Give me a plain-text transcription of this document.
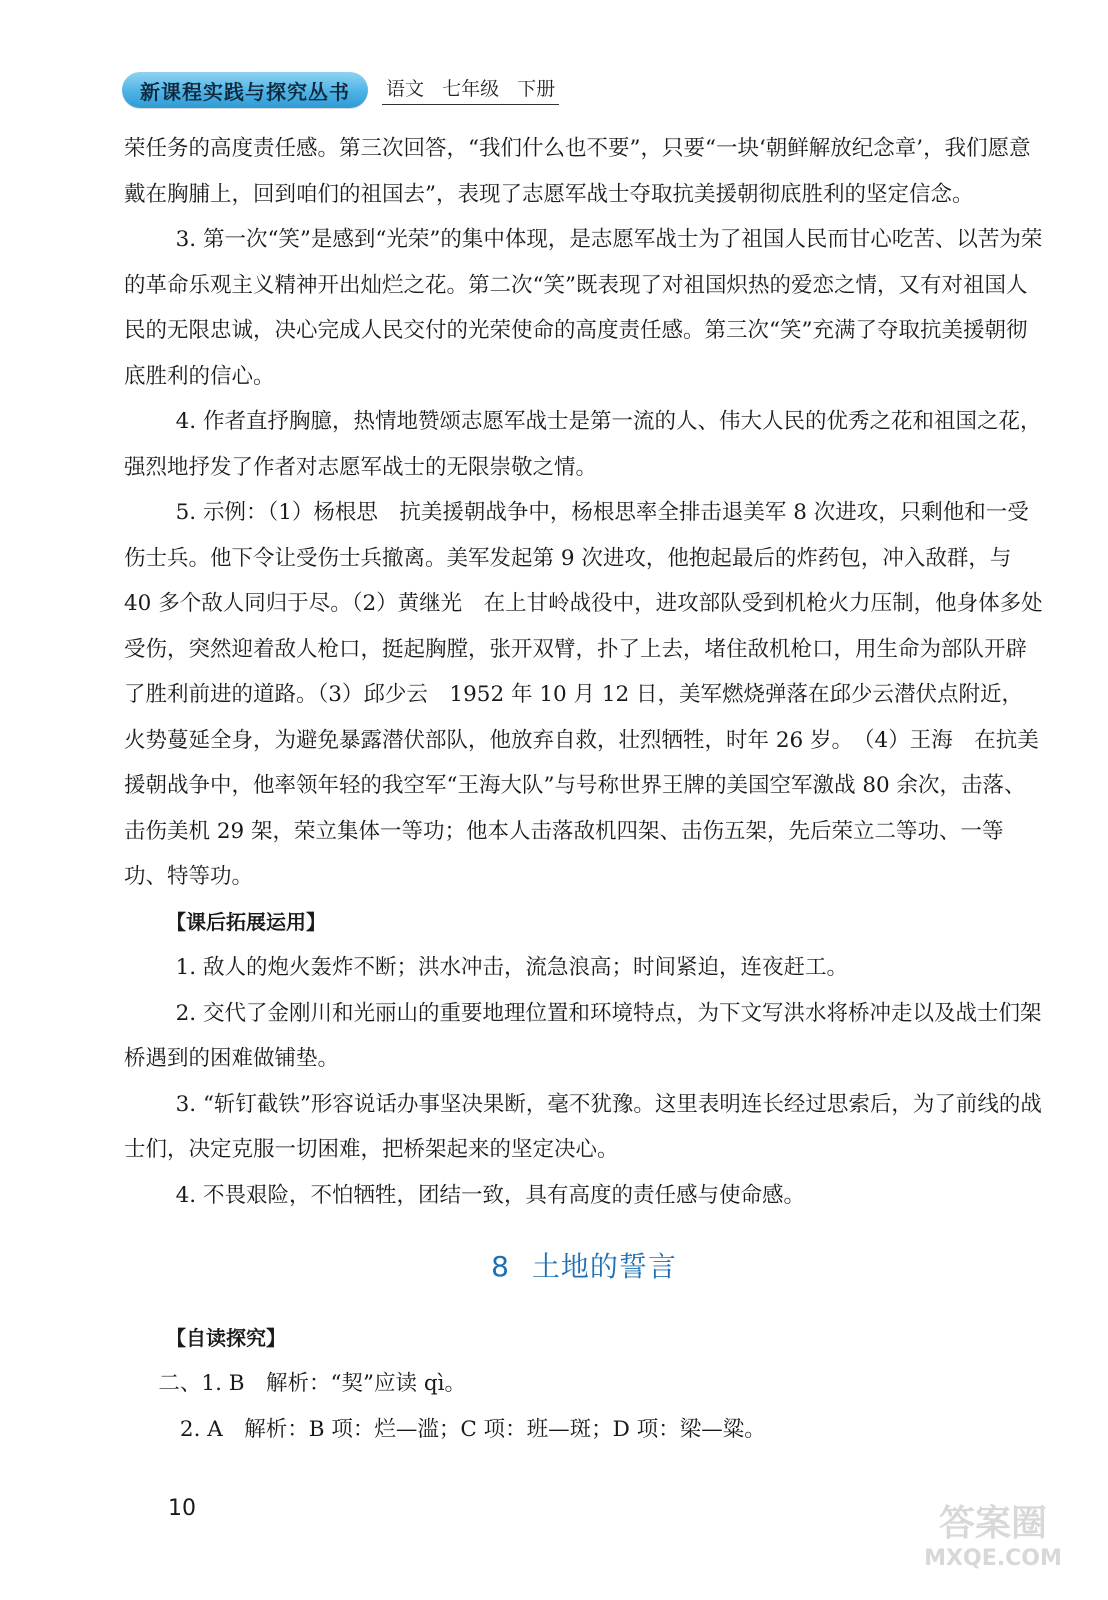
新课程实践与探究丛书	语文 七年级 下册

荣任务的高度责任感。第三次回答，“我们什么也不要”，只要“一块‘朝鲜解放纪念章’，我们愿意戴在胸脯上，回到咱们的祖国去”，表现了志愿军战士夺取抗美援朝彻底胜利的坚定信念。

3. 第一次“笑”是感到“光荣”的集中体现，是志愿军战士为了祖国人民而甘心吃苦、以苦为荣的革命乐观主义精神开出灿烂之花。第二次“笑”既表现了对祖国炽热的爱恋之情，又有对祖国人民的无限忠诚，决心完成人民交付的光荣使命的高度责任感。第三次“笑”充满了夺取抗美援朝彻底胜利的信心。

4. 作者直抒胸臆，热情地赞颂志愿军战士是第一流的人、伟大人民的优秀之花和祖国之花，强烈地抒发了作者对志愿军战士的无限崇敬之情。

5. 示例：（1）杨根思　抗美援朝战争中，杨根思率全排击退美军 8 次进攻，只剩他和一受伤士兵。他下令让受伤士兵撤离。美军发起第 9 次进攻，他抱起最后的炸药包，冲入敌群，与 40 多个敌人同归于尽。（2）黄继光　在上甘岭战役中，进攻部队受到机枪火力压制，他身体多处受伤，突然迎着敌人枪口，挺起胸膛，张开双臂，扑了上去，堵住敌机枪口，用生命为部队开辟了胜利前进的道路。（3）邱少云　1952 年 10 月 12 日，美军燃烧弹落在邱少云潜伏点附近，火势蔓延全身，为避免暴露潜伏部队，他放弃自救，壮烈牺牲，时年 26 岁。　（4）王海　在抗美援朝战争中，他率领年轻的我空军“王海大队”与号称世界王牌的美国空军激战 80 余次，击落、击伤美机 29 架，荣立集体一等功；他本人击落敌机四架、击伤五架，先后荣立二等功、一等功、特等功。

【课后拓展运用】

1. 敌人的炮火轰炸不断；洪水冲击，流急浪高；时间紧迫，连夜赶工。

2. 交代了金刚川和光丽山的重要地理位置和环境特点，为下文写洪水将桥冲走以及战士们架桥遇到的困难做铺垫。

3. “斩钉截铁”形容说话办事坚决果断，毫不犹豫。这里表明连长经过思索后，为了前线的战士们，决定克服一切困难，把桥架起来的坚定决心。

4. 不畏艰险，不怕牺牲，团结一致，具有高度的责任感与使命感。

8 土地的誓言
【自读探究】

二、1. B　解析：“契”应读 qì。

2. A　解析：B 项：烂—滥；C 项：班—斑；D 项：梁—粱。

10	答案圈
MXQE.COM
